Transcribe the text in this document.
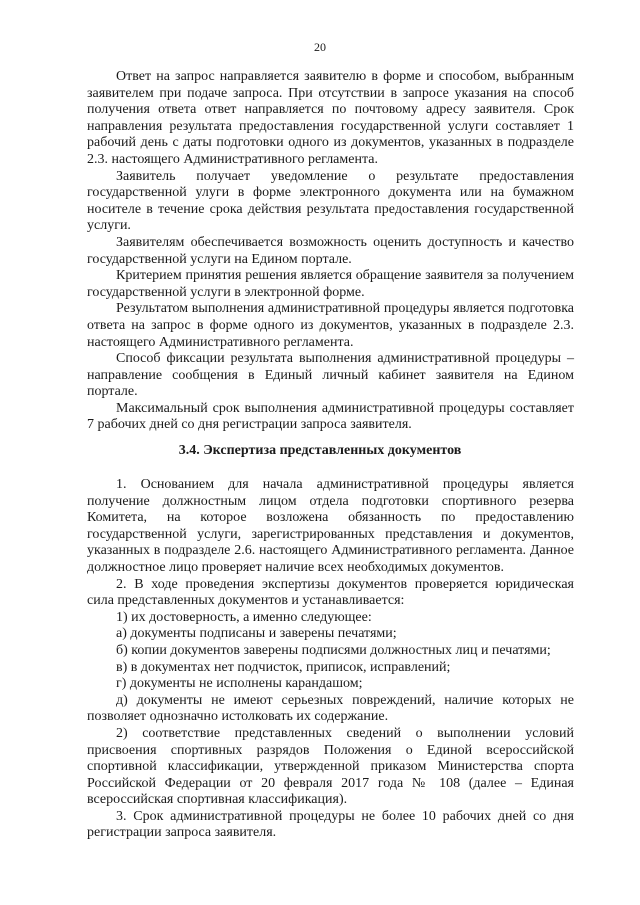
20

Ответ на запрос направляется заявителю в форме и способом, выбранным заявителем при подаче запроса. При отсутствии в запросе указания на способ получения ответа ответ направляется по почтовому адресу заявителя. Срок направления результата предоставления государственной услуги составляет 1 рабочий день с даты подготовки одного из документов, указанных в подразделе 2.3. настоящего Административного регламента.

Заявитель получает уведомление о результате предоставления государственной улуги в форме электронного документа или на бумажном носителе в течение срока действия результата предоставления государственной услуги.

Заявителям обеспечивается возможность оценить доступность и качество государственной услуги на Едином портале.

Критерием принятия решения является обращение заявителя за получением государственной услуги в электронной форме.

Результатом выполнения административной процедуры является подготовка ответа на запрос в форме одного из документов, указанных в подразделе 2.3. настоящего Административного регламента.

Способ фиксации результата выполнения административной процедуры – направление сообщения в Единый личный кабинет заявителя на Едином портале.

Максимальный срок выполнения административной процедуры составляет 7 рабочих дней со дня регистрации запроса заявителя.

3.4. Экспертиза представленных документов

1. Основанием для начала административной процедуры является получение должностным лицом отдела подготовки спортивного резерва Комитета, на которое возложена обязанность по предоставлению государственной услуги, зарегистрированных представления и документов, указанных в подразделе 2.6. настоящего Административного регламента. Данное должностное лицо проверяет наличие всех необходимых документов.

2. В ходе проведения экспертизы документов проверяется юридическая сила представленных документов и устанавливается:

1) их достоверность, а именно следующее:

а) документы подписаны и заверены печатями;

б) копии документов заверены подписями должностных лиц и печатями;

в) в документах нет подчисток, приписок, исправлений;

г) документы не исполнены карандашом;

д) документы не имеют серьезных повреждений, наличие которых не позволяет однозначно истолковать их содержание.

2) соответствие представленных сведений о выполнении условий присвоения спортивных разрядов Положения о Единой всероссийской спортивной классификации, утвержденной приказом Министерства спорта Российской Федерации от 20 февраля 2017 года № 108 (далее – Единая всероссийская спортивная классификация).

3. Срок административной процедуры не более 10 рабочих дней со дня регистрации запроса заявителя.
